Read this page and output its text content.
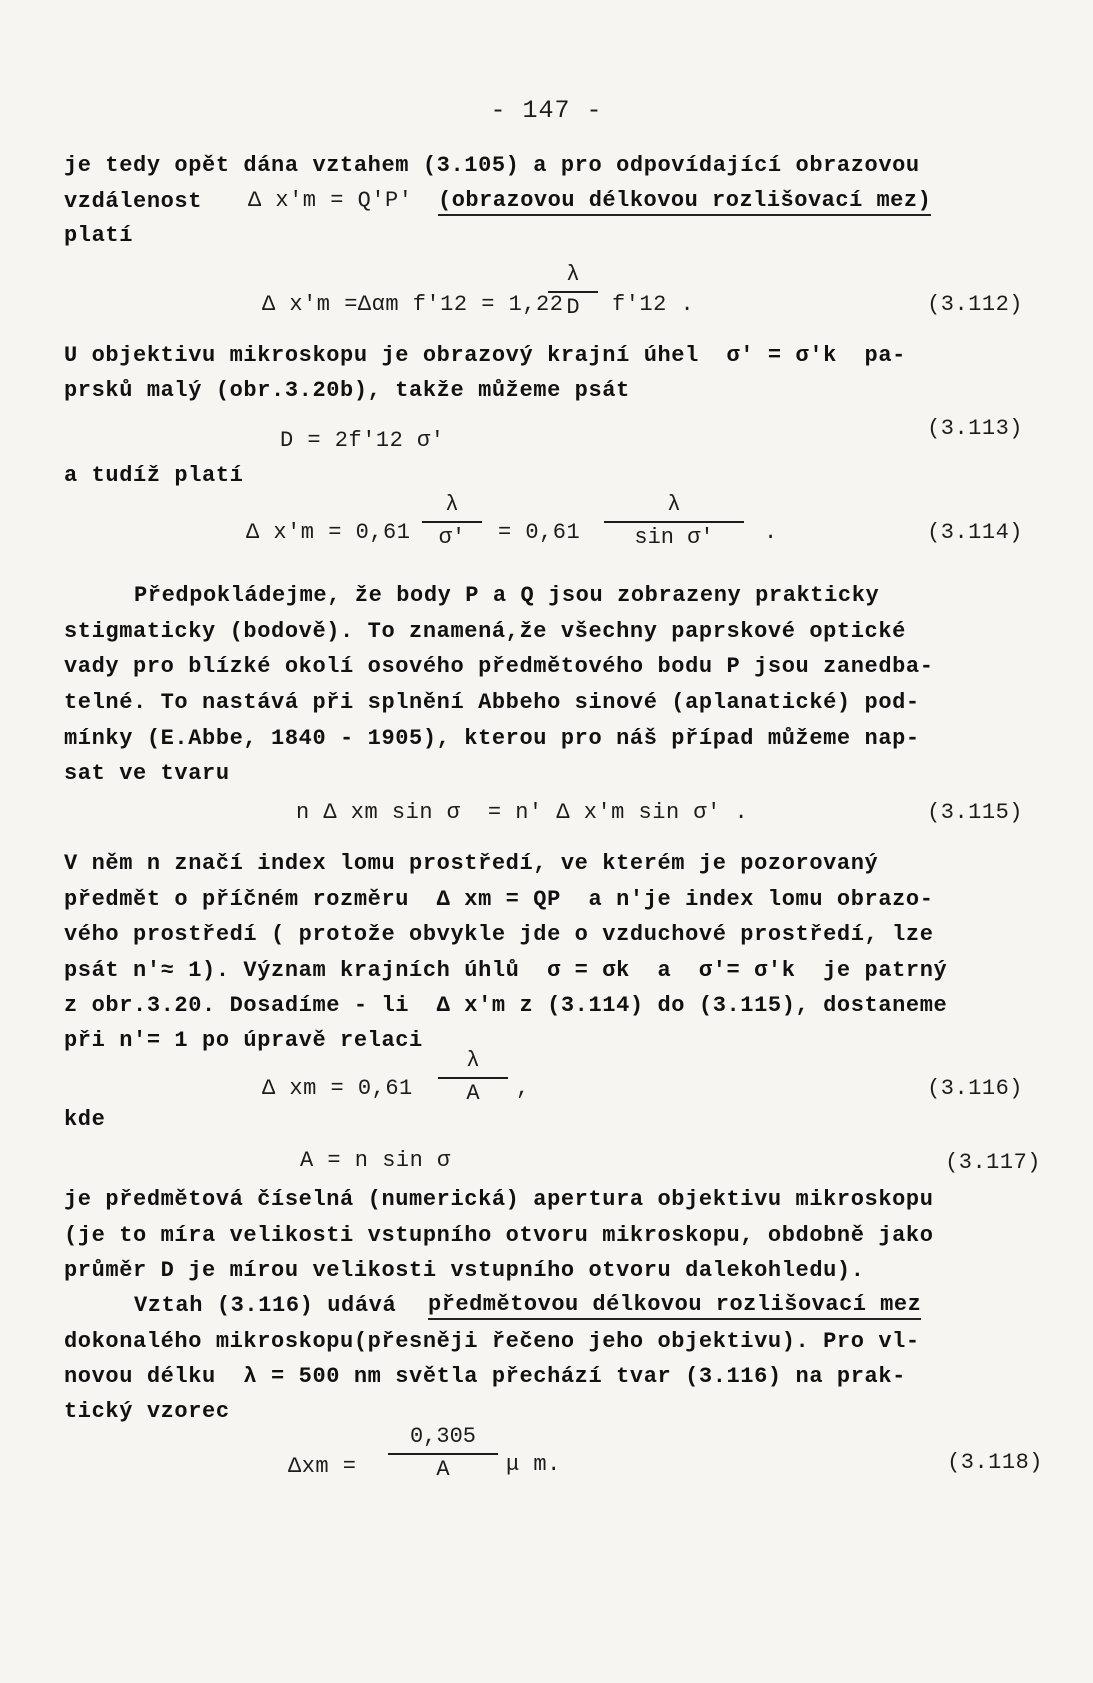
- 147 -
je tedy opět dána vztahem (3.105) a pro odpovídající obrazovou
vzdálenost Δ x'm = Q'P' (obrazovou délkovou rozlišovací mez)
platí
Δ x'm =Δαm f'12 = 1,22
λ
D	f'12 .	(3.112)
U objektivu mikroskopu je obrazový krajní úhel  σ' = σ'k  pa-
prsků malý (obr.3.20b), takže můžeme psát
D = 2f'12 σ'	(3.113)
a tudíž platí
Δ x'm = 0,61
λ
σ'	= 0,61
λ
sin σ'	.	(3.114)
Předpokládejme, že body P a Q jsou zobrazeny prakticky
stigmaticky (bodově). To znamená,že všechny paprskové optické
vady pro blízké okolí osového předmětového bodu P jsou zanedba-
telné. To nastává při splnění Abbeho sinové (aplanatické) pod-
mínky (E.Abbe, 1840 - 1905), kterou pro náš případ můžeme nap-
sat ve tvaru
n Δ xm sin σ  = n' Δ x'm sin σ' .	(3.115)
V něm n značí index lomu prostředí, ve kterém je pozorovaný
předmět o příčném rozměru  Δ xm = QP  a n'je index lomu obrazo-
vého prostředí ( protože obvykle jde o vzduchové prostředí, lze
psát n'≈ 1). Význam krajních úhlů  σ = σk  a  σ'= σ'k  je patrný
z obr.3.20. Dosadíme - li  Δ x'm z (3.114) do (3.115), dostaneme
při n'= 1 po úpravě relaci
Δ xm = 0,61
λ
A	,	(3.116)
kde
A = n sin σ	(3.117)
je předmětová číselná (numerická) apertura objektivu mikroskopu
(je to míra velikosti vstupního otvoru mikroskopu, obdobně jako
průměr D je mírou velikosti vstupního otvoru dalekohledu).
Vztah (3.116) udává předmětovou délkovou rozlišovací mez
dokonalého mikroskopu(přesněji řečeno jeho objektivu). Pro vl-
novou délku  λ = 500 nm světla přechází tvar (3.116) na prak-
tický vzorec
Δxm =
0,305
A	μ m.	(3.118)
